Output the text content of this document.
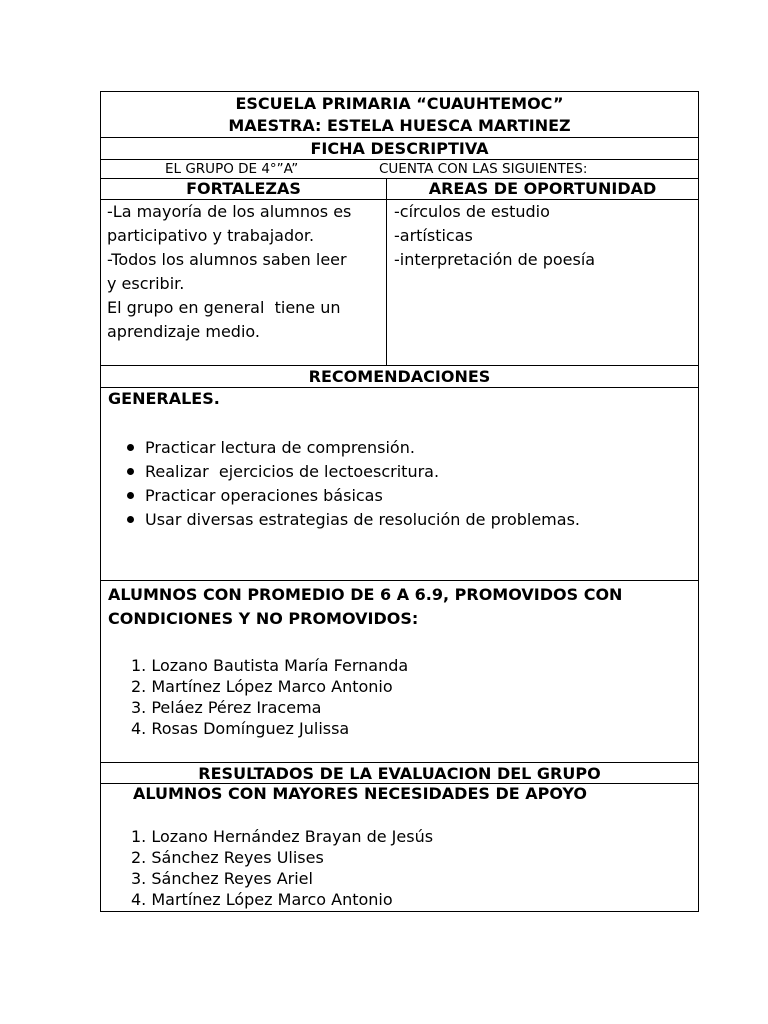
ESCUELA PRIMARIA “CUAUHTEMOC”
MAESTRA: ESTELA HUESCA MARTINEZ
FICHA DESCRIPTIVA
EL GRUPO DE 4°”A”	CUENTA CON LAS SIGUIENTES:
FORTALEZAS	AREAS DE OPORTUNIDAD
-La mayoría de los alumnos es
participativo y trabajador.
-Todos los alumnos saben leer
y escribir.
El grupo en general  tiene un
aprendizaje medio.
-círculos de estudio
-artísticas
-interpretación de poesía
RECOMENDACIONES
GENERALES.
Practicar lectura de comprensión.
Realizar  ejercicios de lectoescritura.
Practicar operaciones básicas
Usar diversas estrategias de resolución de problemas.
ALUMNOS CON PROMEDIO DE 6 A 6.9, PROMOVIDOS CON
CONDICIONES Y NO PROMOVIDOS:
1. Lozano Bautista María Fernanda
2. Martínez López Marco Antonio
3. Peláez Pérez Iracema
4. Rosas Domínguez Julissa
RESULTADOS DE LA EVALUACION DEL GRUPO
ALUMNOS CON MAYORES NECESIDADES DE APOYO
1. Lozano Hernández Brayan de Jesús
2. Sánchez Reyes Ulises
3. Sánchez Reyes Ariel
4. Martínez López Marco Antonio
